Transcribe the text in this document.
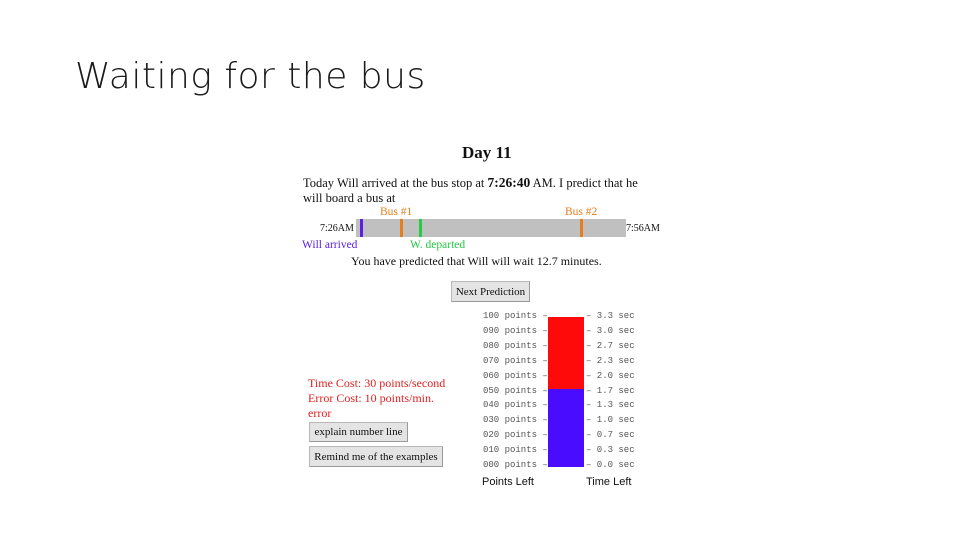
Waiting for the bus
Day 11
Today Will arrived at the bus stop at 7:26:40 AM. I predict that he
will board a bus at
Bus #1	Bus #2
7:26AM	7:56AM
Will arrived	W. departed
You have predicted that Will will wait 12.7 minutes.
Next Prediction
Time Cost: 30 points/second
Error Cost: 10 points/min.
error
explain number line
Remind me of the examples
100 points –
090 points –
080 points –
070 points –
060 points –
050 points –
040 points –
030 points –
020 points –
010 points –
000 points –
– 3.3 sec
– 3.0 sec
– 2.7 sec
– 2.3 sec
– 2.0 sec
– 1.7 sec
– 1.3 sec
– 1.0 sec
– 0.7 sec
– 0.3 sec
– 0.0 sec
Points Left	Time Left
